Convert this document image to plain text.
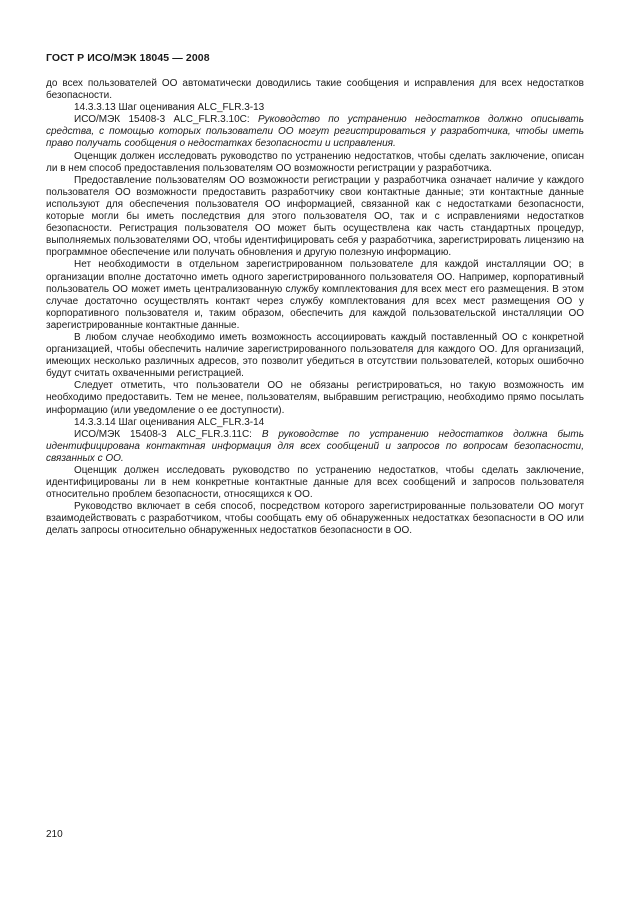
ГОСТ Р ИСО/МЭК 18045 — 2008

до всех пользователей ОО автоматически доводились такие сообщения и исправления для всех недостатков безопасности.

14.3.3.13 Шаг оценивания ALC_FLR.3-13

ИСО/МЭК 15408-3 ALC_FLR.3.10C: Руководство по устранению недостатков должно описывать средства, с помощью которых пользователи ОО могут регистрироваться у разработчика, чтобы иметь право получать сообщения о недостатках безопасности и исправления.

Оценщик должен исследовать руководство по устранению недостатков, чтобы сделать заключение, описан ли в нем способ предоставления пользователям ОО возможности регистрации у разработчика.

Предоставление пользователям ОО возможности регистрации у разработчика означает наличие у каждого пользователя ОО возможности предоставить разработчику свои контактные данные; эти контактные данные используют для обеспечения пользователя ОО информацией, связанной как с недостатками безопасности, которые могли бы иметь последствия для этого пользователя ОО, так и с исправлениями недостатков безопасности. Регистрация пользователя ОО может быть осуществлена как часть стандартных процедур, выполняемых пользователями ОО, чтобы идентифицировать себя у разработчика, зарегистрировать лицензию на программное обеспечение или получать обновления и другую полезную информацию.

Нет необходимости в отдельном зарегистрированном пользователе для каждой инсталляции ОО; в организации вполне достаточно иметь одного зарегистрированного пользователя ОО. Например, корпоративный пользователь ОО может иметь централизованную службу комплектования для всех мест его размещения. В этом случае достаточно осуществлять контакт через службу комплектования для всех мест размещения ОО у корпоративного пользователя и, таким образом, обеспечить для каждой пользовательской инсталляции ОО зарегистрированные контактные данные.

В любом случае необходимо иметь возможность ассоциировать каждый поставленный ОО с конкретной организацией, чтобы обеспечить наличие зарегистрированного пользователя для каждого ОО. Для организаций, имеющих несколько различных адресов, это позволит убедиться в отсутствии пользователей, которых ошибочно будут считать охваченными регистрацией.

Следует отметить, что пользователи ОО не обязаны регистрироваться, но такую возможность им необходимо предоставить. Тем не менее, пользователям, выбравшим регистрацию, необходимо прямо посылать информацию (или уведомление о ее доступности).

14.3.3.14 Шаг оценивания ALC_FLR.3-14

ИСО/МЭК 15408-3 ALC_FLR.3.11C: В руководстве по устранению недостатков должна быть идентифицирована контактная информация для всех сообщений и запросов по вопросам безопасности, связанных с ОО.

Оценщик должен исследовать руководство по устранению недостатков, чтобы сделать заключение, идентифицированы ли в нем конкретные контактные данные для всех сообщений и запросов пользователя относительно проблем безопасности, относящихся к ОО.

Руководство включает в себя способ, посредством которого зарегистрированные пользователи ОО могут взаимодействовать с разработчиком, чтобы сообщать ему об обнаруженных недостатках безопасности в ОО или делать запросы относительно обнаруженных недостатков безопасности в ОО.

210
